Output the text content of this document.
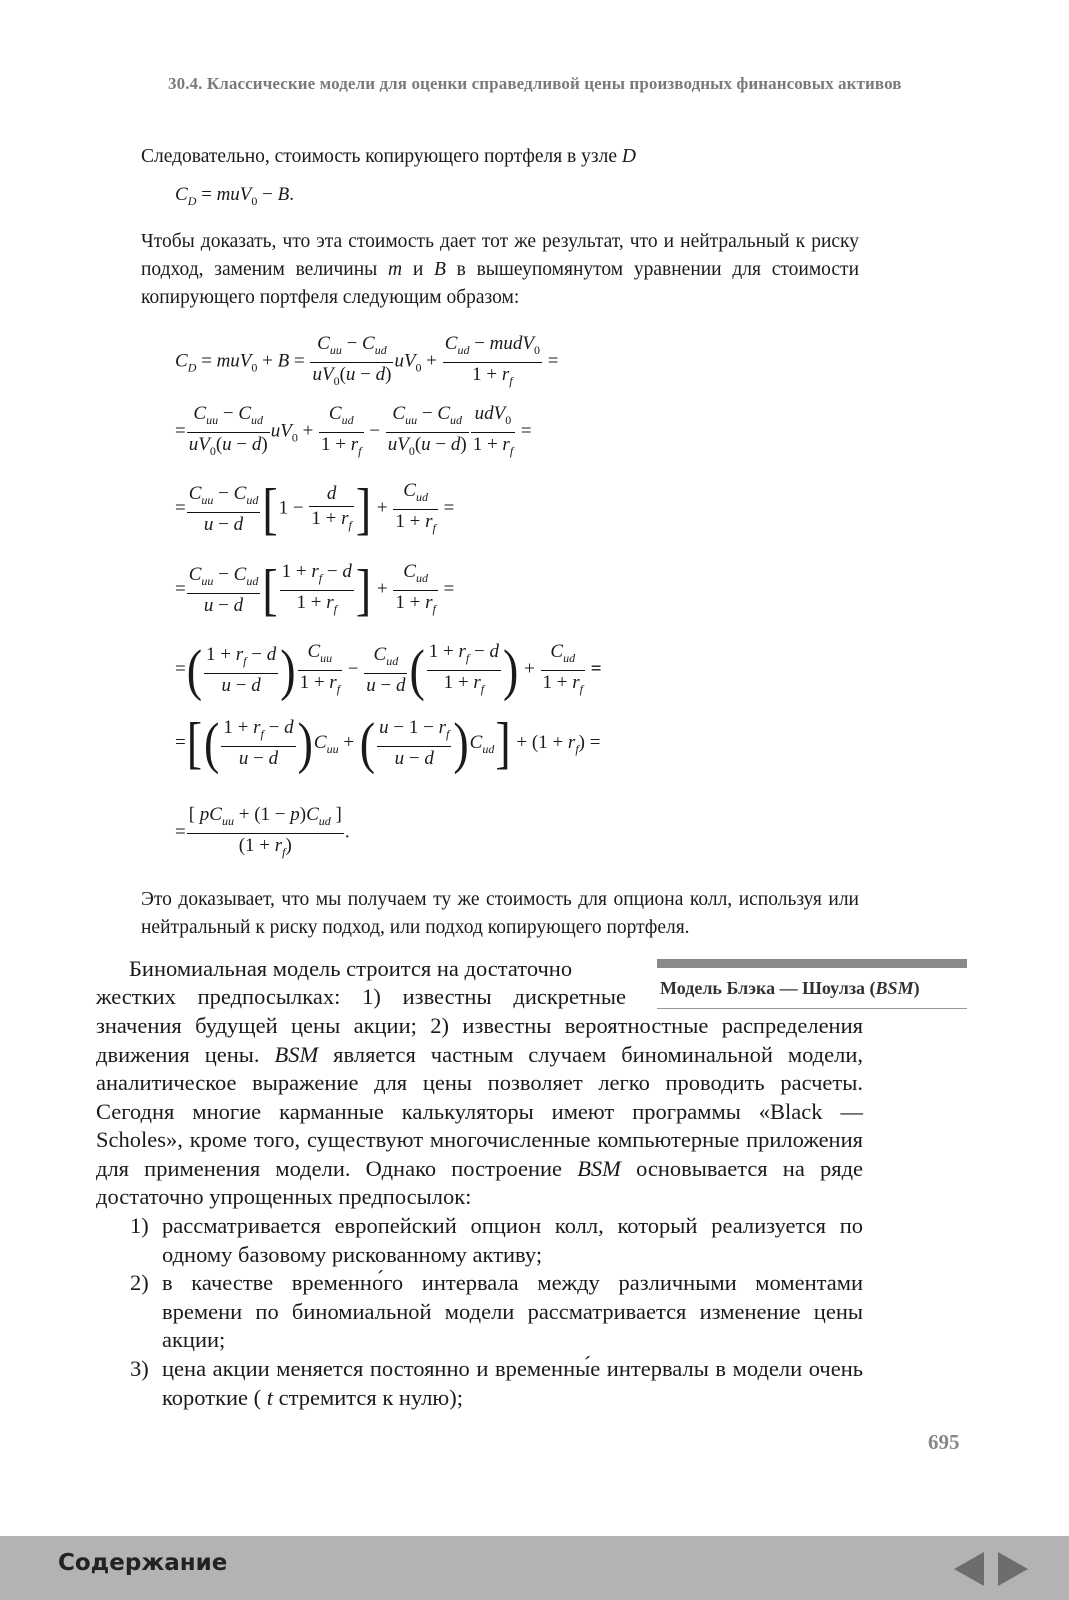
30.4. Классические модели для оценки справедливой цены производных финансовых активов
Следовательно, стоимость копирующего портфеля в узле D
$C_D = muV_0 - B$.
Чтобы доказать, что эта стоимость дает тот же результат, что и нейтральный к риску подход, заменим величины m и B в вышеупомянутом уравнении для стоимости копирующего портфеля следующим образом:
$C_D = muV_0 + B = \frac{C_{uu} - C_{ud}}{uV_0(u - d)} uV_0 + \frac{C_{ud} - mudV_0}{1 + r_f}$ =
= $\frac{C_{uu} - C_{ud}}{uV_0(u - d)} uV_0 + \frac{C_{ud}}{1 + r_f} - \frac{C_{uu} - C_{ud}}{uV_0(u - d)} \frac{udV_0}{1 + r_f}$ =
= $\frac{C_{uu} - C_{ud}}{u - d} [1 - \frac{d}{1 + r_f}$ ] + $\frac{C_{ud}}{1 + r_f}$ =
= $\frac{C_{uu} - C_{ud}}{u - d}$ [ $\frac{1 + r_f - d}{1 + r_f}$ ] + $\frac{C_{ud}}{1 + r_f}$ =
=( $\frac{1 + r_f - d}{u - d}$ ) $\frac{C_{uu}}{1 + r_f} - \frac{C_{ud}}{u - d}$ ( $\frac{1 + r_f - d}{1 + r_f}$ ) + $\frac{C_{ud}}{1 + r_f}$ =
=[( $\frac{1 + r_f - d}{u - d} )C_{uu}$ + ( $\frac{u - 1 - r_f}{u - d} )C_{ud}] + (1 + r_f)$ =
= $\frac{[ pC_{uu} + (1 - p)C_{ud} ]}{(1 + r_f)}$ .
Это доказывает, что мы получаем ту же стоимость для опциона колл, используя или нейтральный к риску подход, или подход копирующего портфеля.
Модель Блэка — Шоулза (BSM)
Биномиальная модель строится на достаточно
жестких предпосылках: 1) известны дискретные
значения будущей цены акции; 2) известны вероятностные распределения движения цены. BSM является частным случаем биноминальной модели, аналитическое выражение для цены позволяет легко проводить расчеты. Сегодня многие карманные калькуляторы имеют программы «Black — Scholes», кроме того, существуют многочисленные компьютерные приложения для применения модели. Однако построение BSM основывается на ряде достаточно упрощенных предпосылок:
1) рассматривается европейский опцион колл, который реализуется по одному базовому рискованному активу;
2) в качестве временно́го интервала между различными моментами времени по биномиальной модели рассматривается изменение цены акции;
3) цена акции меняется постоянно и временны́е интервалы в модели очень короткие ( t стремится к нулю);
695
Содержание
